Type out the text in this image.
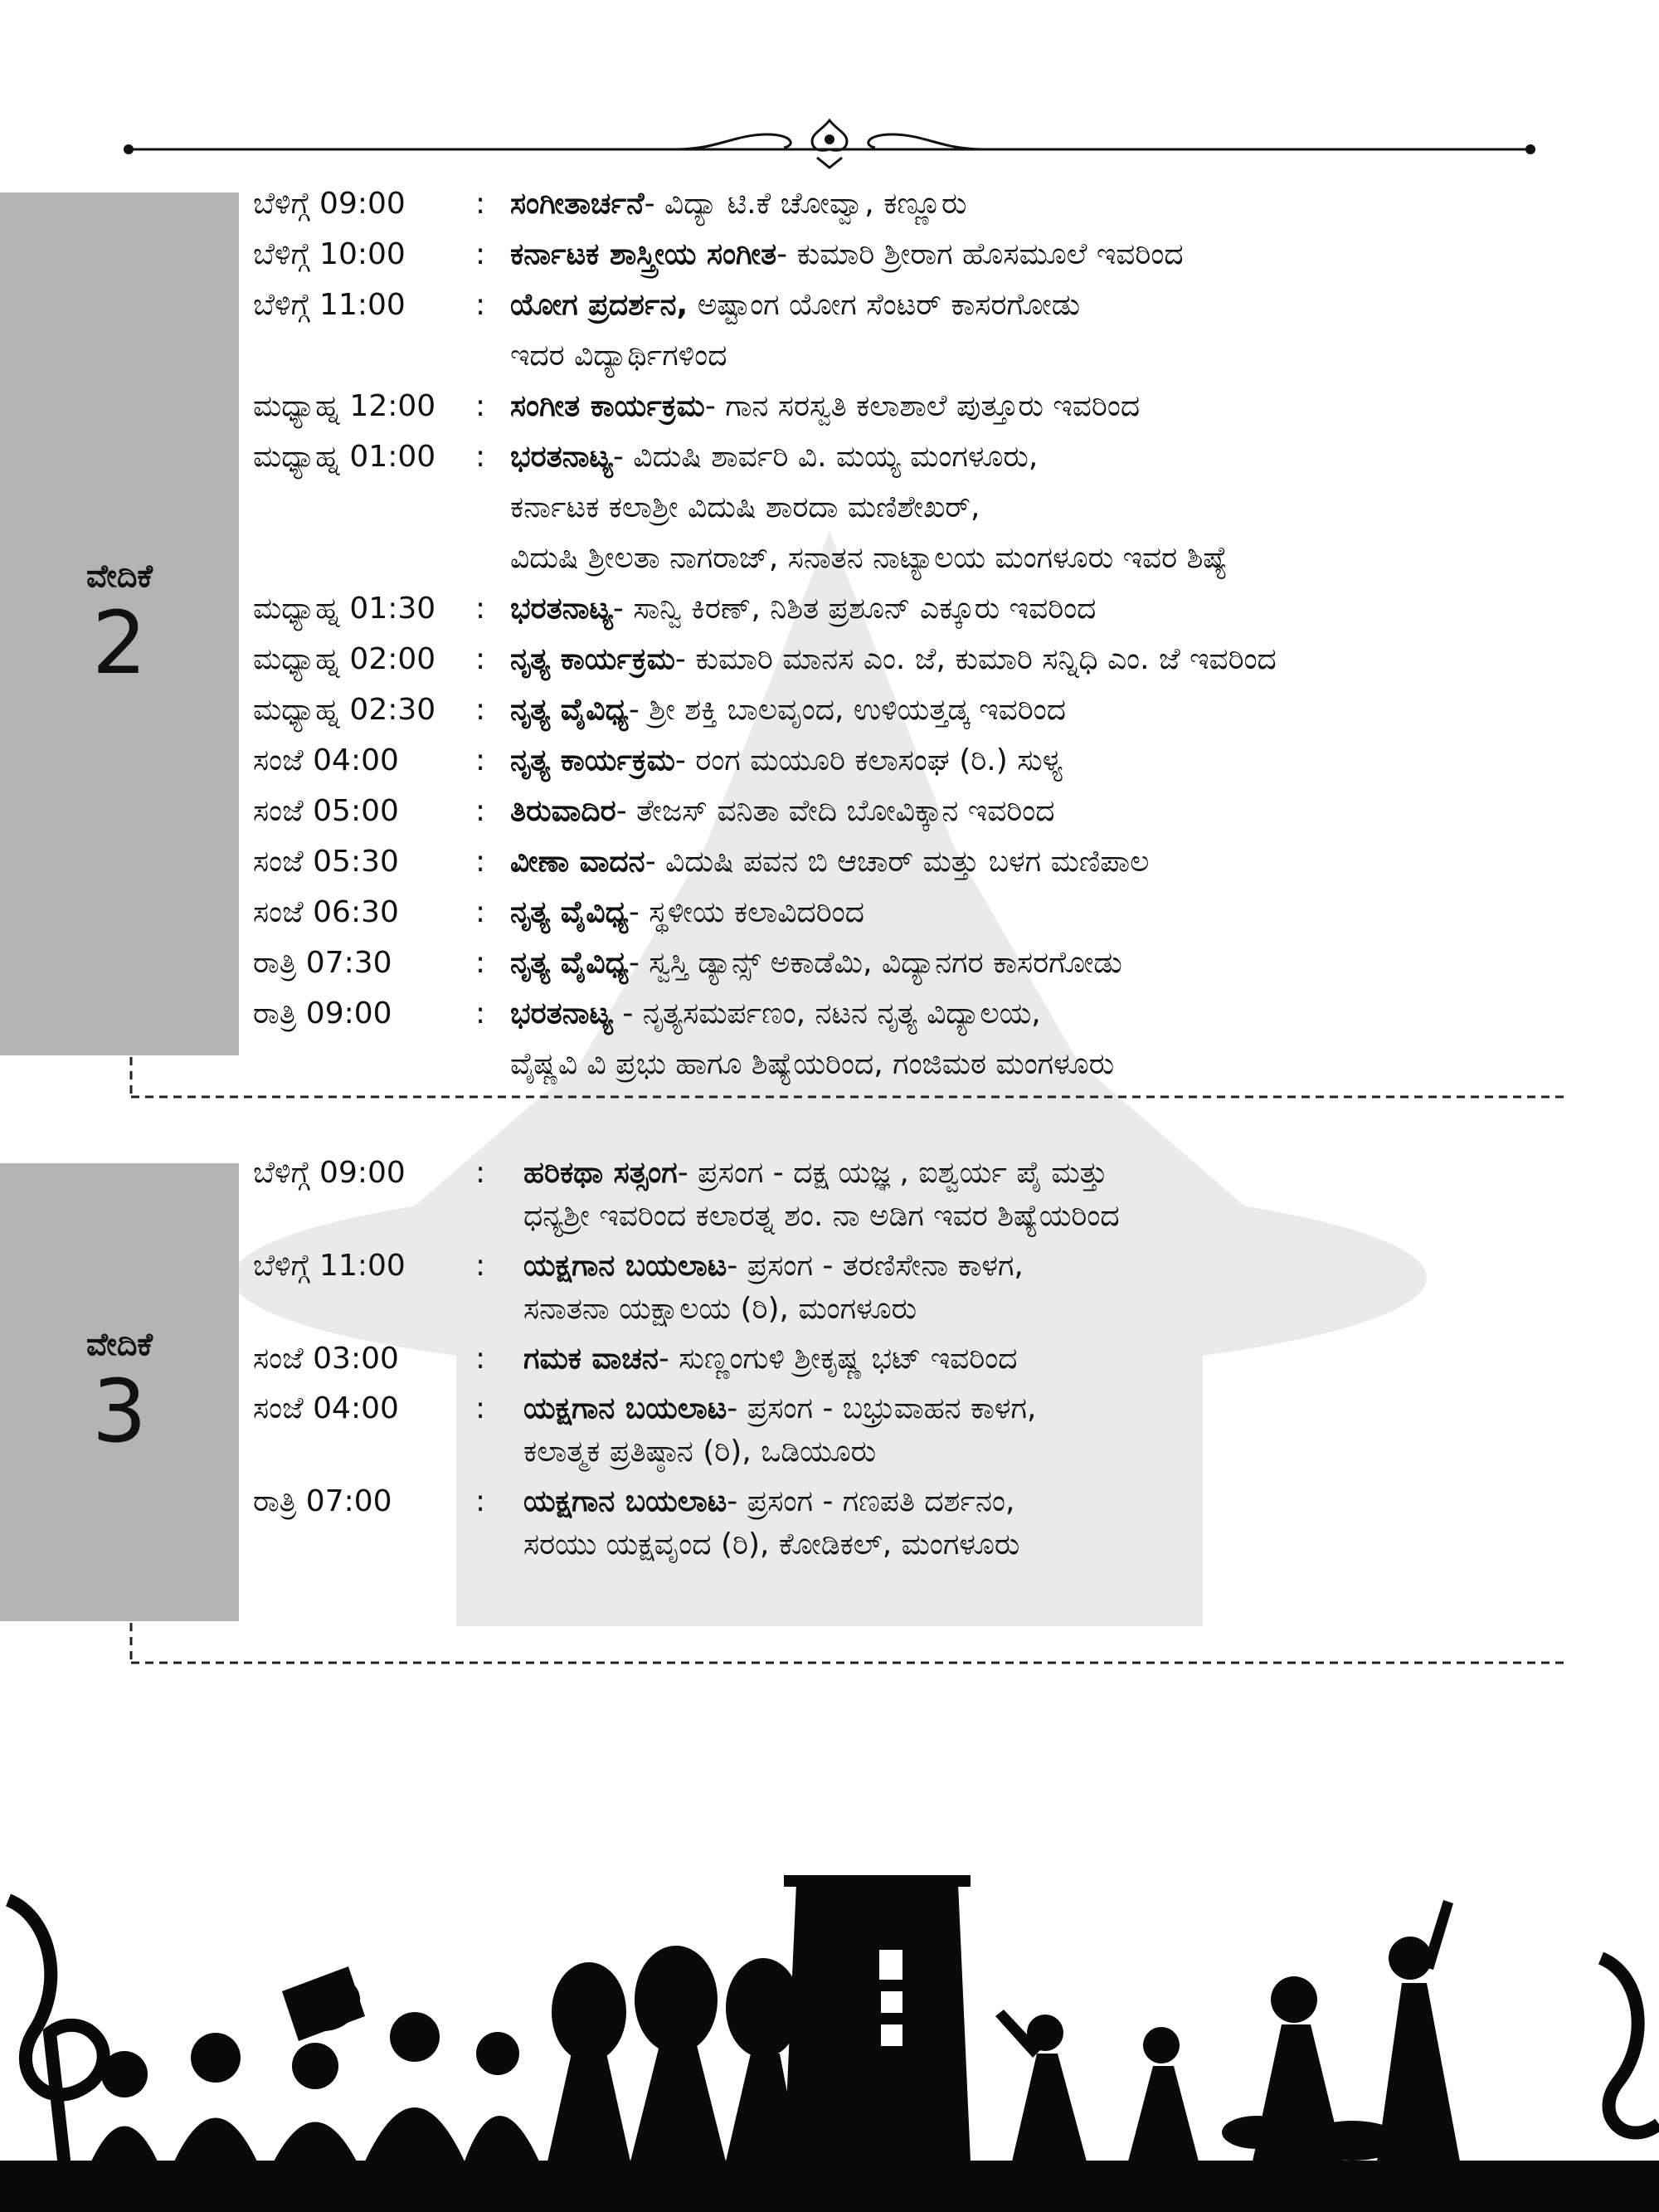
ವೇದಿಕೆ
2
ಬೆಳಿಗ್ಗೆ 09:00	: ಸಂಗೀತಾರ್ಚನೆ- ವಿದ್ಯಾ ಟಿ.ಕೆ ಚೋವ್ವಾ, ಕಣ್ಣೂರು
ಬೆಳಿಗ್ಗೆ 10:00	: ಕರ್ನಾಟಕ ಶಾಸ್ತ್ರೀಯ ಸಂಗೀತ- ಕುಮಾರಿ ಶ್ರೀರಾಗ ಹೊಸಮೂಲೆ ಇವರಿಂದ
ಬೆಳಿಗ್ಗೆ 11:00	: ಯೋಗ ಪ್ರದರ್ಶನ, ಅಷ್ಟಾಂಗ ಯೋಗ ಸೆಂಟರ್ ಕಾಸರಗೋಡು
ಇದರ ವಿದ್ಯಾರ್ಥಿಗಳಿಂದ
ಮಧ್ಯಾಹ್ನ 12:00	: ಸಂಗೀತ ಕಾರ್ಯಕ್ರಮ- ಗಾನ ಸರಸ್ವತಿ ಕಲಾಶಾಲೆ ಪುತ್ತೂರು ಇವರಿಂದ
ಮಧ್ಯಾಹ್ನ 01:00	: ಭರತನಾಟ್ಯ- ವಿದುಷಿ ಶಾರ್ವರಿ ವಿ. ಮಯ್ಯ ಮಂಗಳೂರು,
ಕರ್ನಾಟಕ ಕಲಾಶ್ರೀ ವಿದುಷಿ ಶಾರದಾ ಮಣಿಶೇಖರ್,
ವಿದುಷಿ ಶ್ರೀಲತಾ ನಾಗರಾಜ್, ಸನಾತನ ನಾಟ್ಯಾಲಯ ಮಂಗಳೂರು ಇವರ ಶಿಷ್ಯೆ
ಮಧ್ಯಾಹ್ನ 01:30	: ಭರತನಾಟ್ಯ- ಸಾನ್ವಿ ಕಿರಣ್, ನಿಶಿತ ಪ್ರಶೂನ್ ಎಕ್ಕೂರು ಇವರಿಂದ
ಮಧ್ಯಾಹ್ನ 02:00	: ನೃತ್ಯ ಕಾರ್ಯಕ್ರಮ- ಕುಮಾರಿ ಮಾನಸ ಎಂ. ಜೆ, ಕುಮಾರಿ ಸನ್ನಿಧಿ ಎಂ. ಜೆ ಇವರಿಂದ
ಮಧ್ಯಾಹ್ನ 02:30	: ನೃತ್ಯ ವೈವಿಧ್ಯ- ಶ್ರೀ ಶಕ್ತಿ ಬಾಲವೃಂದ, ಉಳಿಯತ್ತಡ್ಕ ಇವರಿಂದ
ಸಂಜೆ 04:00	: ನೃತ್ಯ ಕಾರ್ಯಕ್ರಮ- ರಂಗ ಮಯೂರಿ ಕಲಾಸಂಘ (ರಿ.) ಸುಳ್ಯ
ಸಂಜೆ 05:00	: ತಿರುವಾದಿರ- ತೇಜಸ್ ವನಿತಾ ವೇದಿ ಬೋವಿಕ್ಕಾನ ಇವರಿಂದ
ಸಂಜೆ 05:30	: ವೀಣಾ ವಾದನ- ವಿದುಷಿ ಪವನ ಬಿ ಆಚಾರ್ ಮತ್ತು ಬಳಗ ಮಣಿಪಾಲ
ಸಂಜೆ 06:30	: ನೃತ್ಯ ವೈವಿಧ್ಯ- ಸ್ಥಳೀಯ ಕಲಾವಿದರಿಂದ
ರಾತ್ರಿ 07:30	: ನೃತ್ಯ ವೈವಿಧ್ಯ- ಸ್ವಸ್ತಿ ಡ್ಯಾನ್ಸ್ ಅಕಾಡೆಮಿ, ವಿದ್ಯಾನಗರ ಕಾಸರಗೋಡು
ರಾತ್ರಿ 09:00	: ಭರತನಾಟ್ಯ - ನೃತ್ಯಸಮರ್ಪಣಂ, ನಟನ ನೃತ್ಯ ವಿದ್ಯಾಲಯ,
ವೈಷ್ಣವಿ ವಿ ಪ್ರಭು ಹಾಗೂ ಶಿಷ್ಯೆಯರಿಂದ, ಗಂಜಿಮಠ ಮಂಗಳೂರು
ವೇದಿಕೆ
3
ಬೆಳಿಗ್ಗೆ 09:00	:	ಹರಿಕಥಾ ಸತ್ಸಂಗ- ಪ್ರಸಂಗ - ದಕ್ಷ ಯಜ್ಞ , ಐಶ್ವರ್ಯ ಪೈ ಮತ್ತು
ಧನ್ಯಶ್ರೀ ಇವರಿಂದ ಕಲಾರತ್ನ ಶಂ. ನಾ ಅಡಿಗ ಇವರ ಶಿಷ್ಯೆಯರಿಂದ
ಬೆಳಿಗ್ಗೆ 11:00	:	ಯಕ್ಷಗಾನ ಬಯಲಾಟ- ಪ್ರಸಂಗ - ತರಣಿಸೇನಾ ಕಾಳಗ,
ಸನಾತನಾ ಯಕ್ಷಾಲಯ (ರಿ), ಮಂಗಳೂರು
ಸಂಜೆ 03:00	:	ಗಮಕ ವಾಚನ- ಸುಣ್ಣಂಗುಳಿ ಶ್ರೀಕೃಷ್ಣ ಭಟ್ ಇವರಿಂದ
ಸಂಜೆ 04:00	:	ಯಕ್ಷಗಾನ ಬಯಲಾಟ- ಪ್ರಸಂಗ - ಬಭ್ರುವಾಹನ ಕಾಳಗ,
ಕಲಾತ್ಮಕ ಪ್ರತಿಷ್ಠಾನ (ರಿ), ಒಡಿಯೂರು
ರಾತ್ರಿ 07:00	:	ಯಕ್ಷಗಾನ ಬಯಲಾಟ- ಪ್ರಸಂಗ - ಗಣಪತಿ ದರ್ಶನಂ,
ಸರಯು ಯಕ್ಷವೃಂದ (ರಿ), ಕೋಡಿಕಲ್, ಮಂಗಳೂರು
